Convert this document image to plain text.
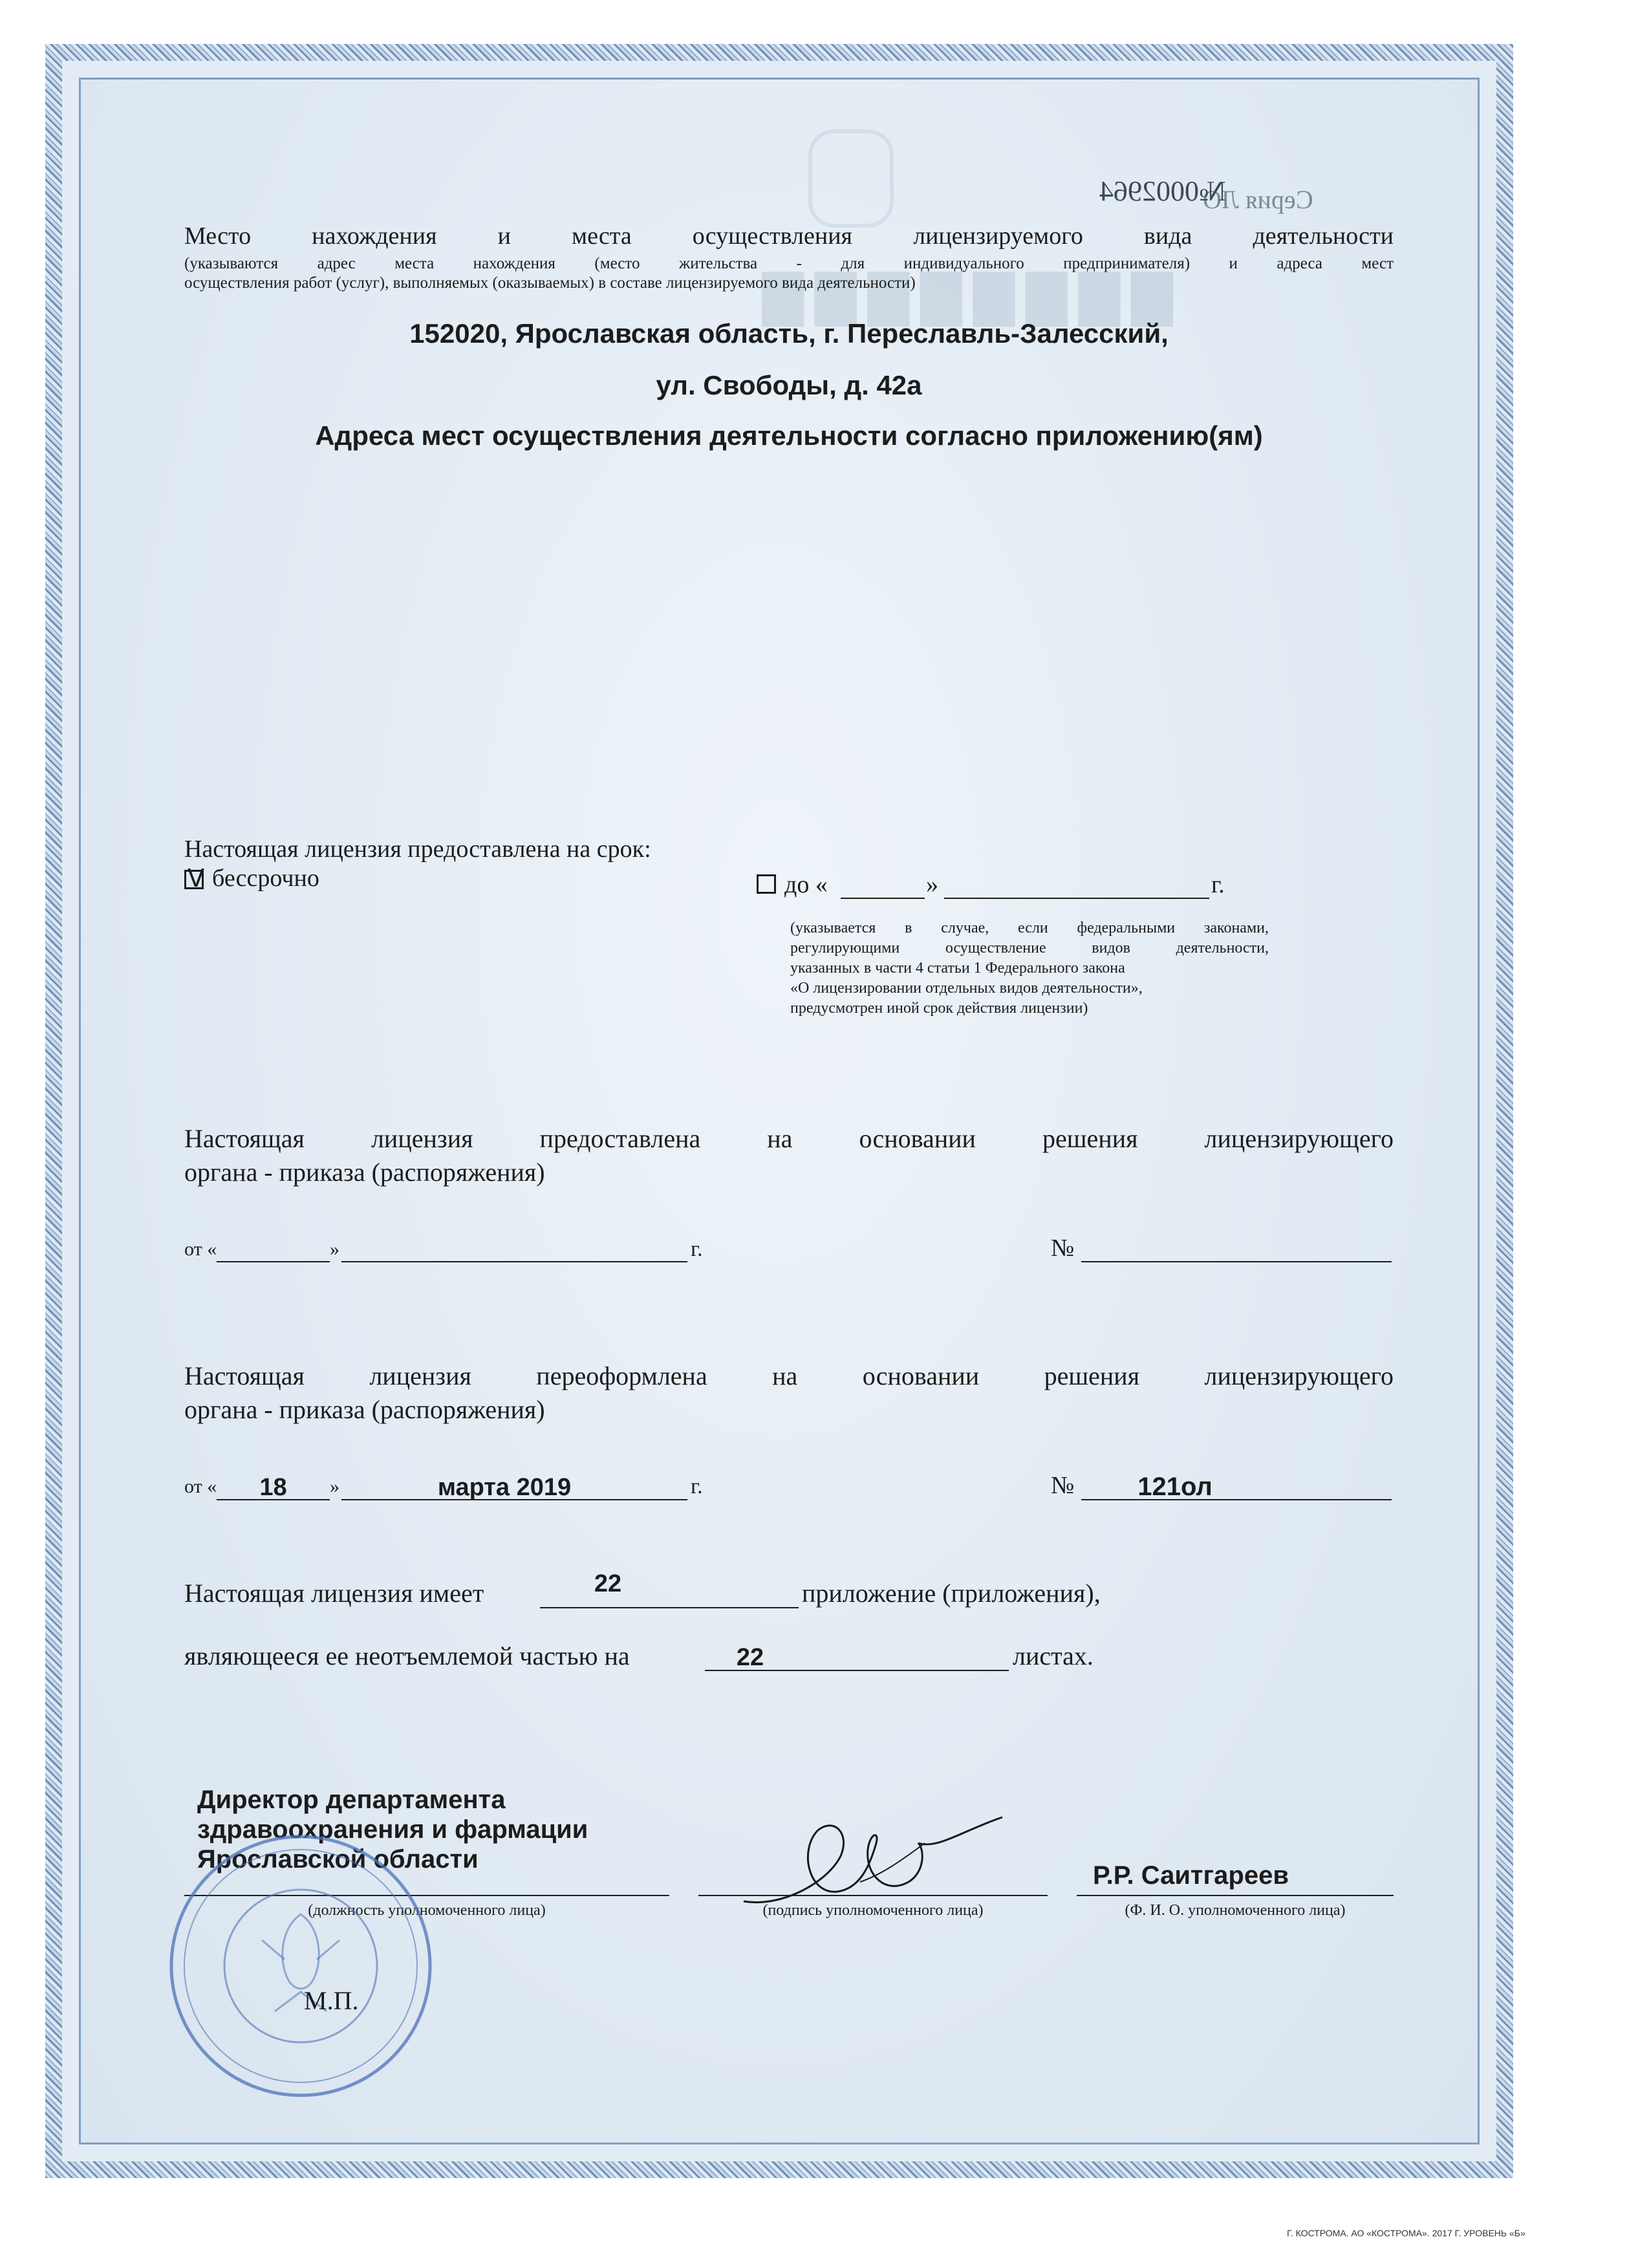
▇▇▇▇▇▇▇▇
Серия ЛО
№0002964
Место нахождения и места осуществления лицензируемого вида деятельности
(указываются адрес места нахождения (место жительства - для индивидуального предпринимателя) и адреса мест
осуществления работ (услуг), выполняемых (оказываемых) в составе лицензируемого вида деятельности)
152020, Ярославская область, г. Переславль-Залесский,
ул. Свободы, д. 42а
Адреса мест осуществления деятельности согласно приложению(ям)
Настоящая лицензия предоставлена на срок:
V бессрочно	до «	»	г.
(указывается в случае, если федеральными законами,
регулирующими осуществление видов деятельности,
указанных в части 4 статьи 1 Федерального закона
«О лицензировании отдельных видов деятельности»,
предусмотрен иной срок действия лицензии)
Настоящая лицензия предоставлена на основании решения лицензирующего
органа - приказа (распоряжения)
от «	»	г.	№
Настоящая лицензия переоформлена на основании решения лицензирующего
органа - приказа (распоряжения)
от «	18	»	марта 2019	г.	№	121ол
Настоящая лицензия имеет	22	приложение (приложения),
являющееся ее неотъемлемой частью на	22	листах.
Директор департамента
здравоохранения и фармации
Ярославской области
(должность уполномоченного лица)	(подпись уполномоченного лица)
Р.Р. Саитгареев
(Ф. И. О. уполномоченного лица)
М.П.
Г. КОСТРОМА. АО «КОСТРОМА». 2017 Г. УРОВЕНЬ «Б»
